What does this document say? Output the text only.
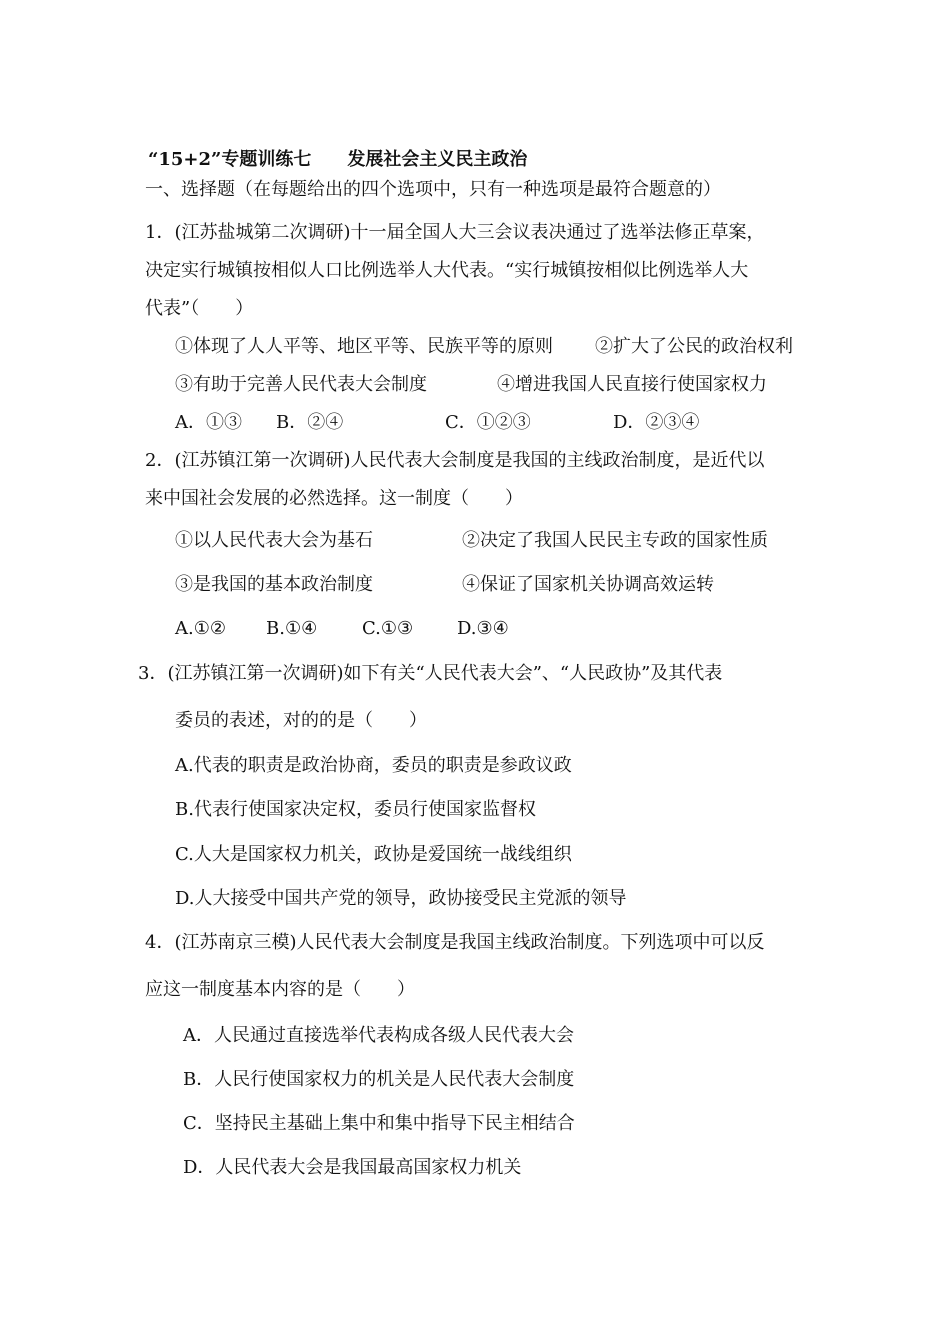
“15+2”专题训练七　　发展社会主义民主政治
一、选择题（在每题给出的四个选项中，只有一种选项是最符合题意的）
1．(江苏盐城第二次调研)十一届全国人大三会议表决通过了选举法修正草案，
决定实行城镇按相似人口比例选举人大代表。“实行城镇按相似比例选举人大
代表”（　　）
①体现了人人平等、地区平等、民族平等的原则 ②扩大了公民的政治权利
③有助于完善人民代表大会制度	④增进我国人民直接行使国家权力
A．①③ B．②④	C．①②③	D．②③④
2．(江苏镇江第一次调研)人民代表大会制度是我国的主线政治制度，是近代以
来中国社会发展的必然选择。这一制度（　　）
①以人民代表大会为基石	②决定了我国人民民主专政的国家性质
③是我国的基本政治制度	④保证了国家机关协调高效运转
A.①② B.①④ C.①③ D.③④
3．(江苏镇江第一次调研)如下有关“人民代表大会”、“人民政协”及其代表
委员的表述，对的的是（　　）
A.代表的职责是政治协商，委员的职责是参政议政
B.代表行使国家决定权，委员行使国家监督权
C.人大是国家权力机关，政协是爱国统一战线组织
D.人大接受中国共产党的领导，政协接受民主党派的领导
4．(江苏南京三模)人民代表大会制度是我国主线政治制度。下列选项中可以反
应这一制度基本内容的是（　　）
A．人民通过直接选举代表构成各级人民代表大会
B．人民行使国家权力的机关是人民代表大会制度
C．坚持民主基础上集中和集中指导下民主相结合
D．人民代表大会是我国最高国家权力机关
